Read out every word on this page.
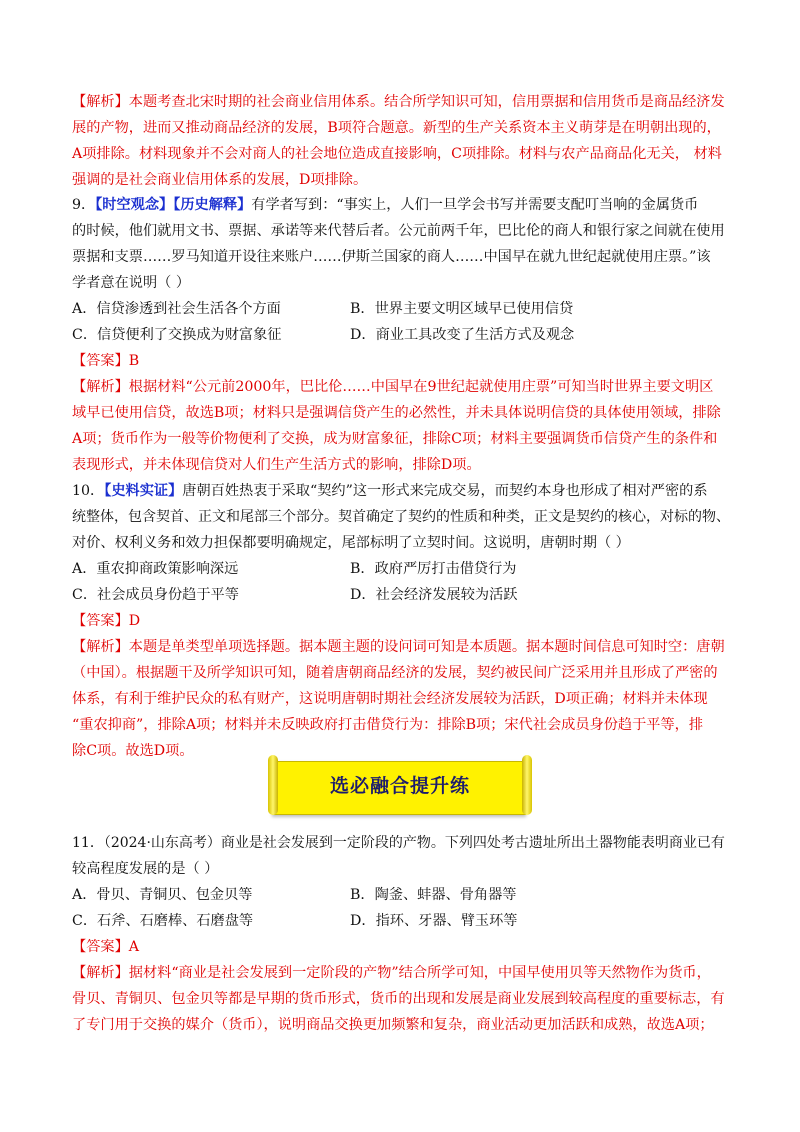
【解析】本题考查北宋时期的社会商业信用体系。结合所学知识可知，信用票据和信用货币是商品经济发
展的产物，进而又推动商品经济的发展，B项符合题意。新型的生产关系资本主义萌芽是在明朝出现的，
A项排除。材料现象并不会对商人的社会地位造成直接影响，C项排除。材料与农产品商品化无关， 材料
强调的是社会商业信用体系的发展，D项排除。
9．【时空观念】【历史解释】有学者写到：“事实上，人们一旦学会书写并需要支配叮当响的金属货币
的时候，他们就用文书、票据、承诺等来代替后者。公元前两千年，巴比伦的商人和银行家之间就在使用
票据和支票……罗马知道开设往来账户……伊斯兰国家的商人……中国早在就九世纪起就使用庄票。”该
学者意在说明（ ）
A．信贷渗透到社会生活各个方面	B．世界主要文明区域早已使用信贷
C．信贷便利了交换成为财富象征	D．商业工具改变了生活方式及观念
【答案】B
【解析】根据材料“公元前2000年，巴比伦……中国早在9世纪起就使用庄票”可知当时世界主要文明区
域早已使用信贷，故选B项；材料只是强调信贷产生的必然性，并未具体说明信贷的具体使用领域，排除
A项；货币作为一般等价物便利了交换，成为财富象征，排除C项；材料主要强调货币信贷产生的条件和
表现形式，并未体现信贷对人们生产生活方式的影响，排除D项。
10．【史料实证】唐朝百姓热衷于采取“契约”这一形式来完成交易，而契约本身也形成了相对严密的系
统整体，包含契首、正文和尾部三个部分。契首确定了契约的性质和种类，正文是契约的核心，对标的物、
对价、权利义务和效力担保都要明确规定，尾部标明了立契时间。这说明，唐朝时期（ ）
A．重农抑商政策影响深远	B．政府严厉打击借贷行为
C．社会成员身份趋于平等	D．社会经济发展较为活跃
【答案】D
【解析】本题是单类型单项选择题。据本题主题的设问词可知是本质题。据本题时间信息可知时空：唐朝
（中国）。根据题干及所学知识可知，随着唐朝商品经济的发展，契约被民间广泛采用并且形成了严密的
体系，有利于维护民众的私有财产，这说明唐朝时期社会经济发展较为活跃，D项正确；材料并未体现
“重农抑商”，排除A项；材料并未反映政府打击借贷行为：排除B项；宋代社会成员身份趋于平等，排
除C项。故选D项。
选必融合提升练
11．（2024·山东高考）商业是社会发展到一定阶段的产物。下列四处考古遗址所出土器物能表明商业已有
较高程度发展的是（ ）
A．骨贝、青铜贝、包金贝等	B．陶釜、蚌器、骨角器等
C．石斧、石磨棒、石磨盘等	D．指环、牙器、臂玉环等
【答案】A
【解析】据材料“商业是社会发展到一定阶段的产物”结合所学可知，中国早使用贝等天然物作为货币，
骨贝、青铜贝、包金贝等都是早期的货币形式，货币的出现和发展是商业发展到较高程度的重要标志，有
了专门用于交换的媒介（货币），说明商品交换更加频繁和复杂，商业活动更加活跃和成熟，故选A项；
